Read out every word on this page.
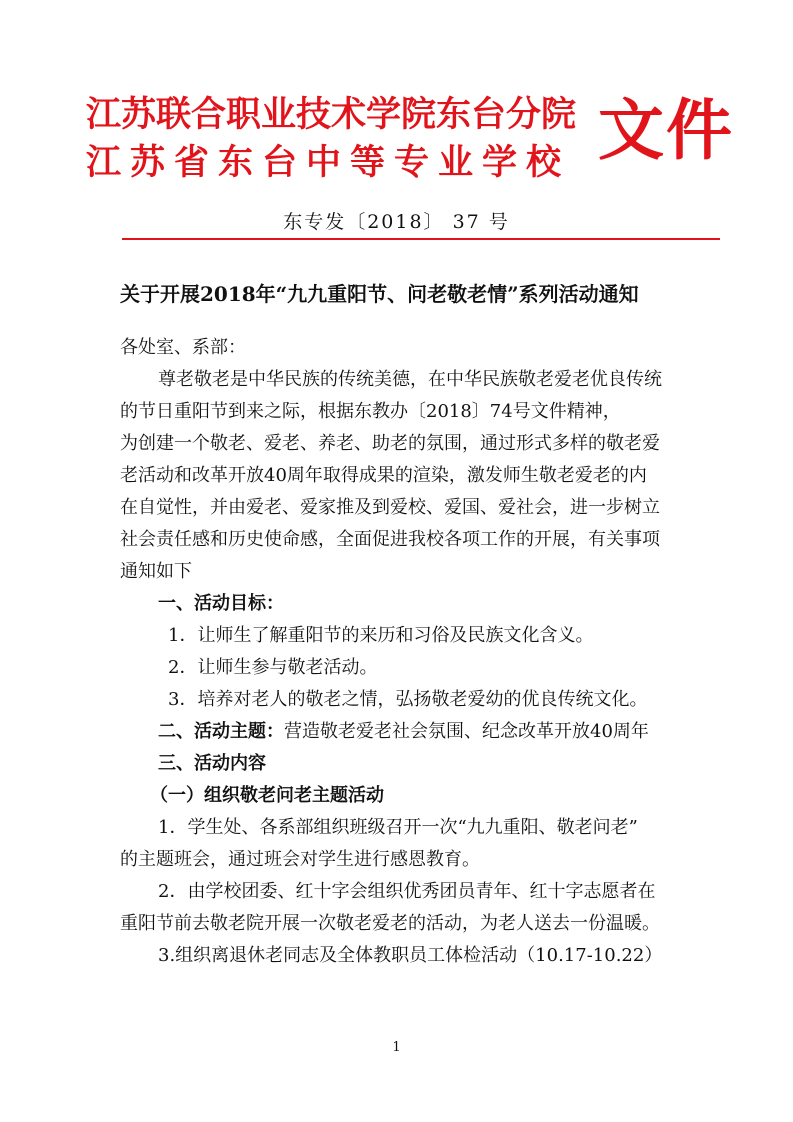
江苏联合职业技术学院东台分院
江苏省东台中等专业学校 文件
东专发〔2018〕 37 号
关于开展2018年“九九重阳节、问老敬老情”系列活动通知
各处室、系部：
尊老敬老是中华民族的传统美德，在中华民族敬老爱老优良传统
的节日重阳节到来之际，根据东教办〔2018〕74号文件精神，
为创建一个敬老、爱老、养老、助老的氛围，通过形式多样的敬老爱
老活动和改革开放40周年取得成果的渲染，激发师生敬老爱老的内
在自觉性，并由爱老、爱家推及到爱校、爱国、爱社会，进一步树立
社会责任感和历史使命感，全面促进我校各项工作的开展，有关事项
通知如下
一、活动目标：
1．让师生了解重阳节的来历和习俗及民族文化含义。
2．让师生参与敬老活动。
3．培养对老人的敬老之情，弘扬敬老爱幼的优良传统文化。
二、活动主题：营造敬老爱老社会氛围、纪念改革开放40周年
三、活动内容
（一）组织敬老问老主题活动
1．学生处、各系部组织班级召开一次“九九重阳、敬老问老”
的主题班会，通过班会对学生进行感恩教育。
2．由学校团委、红十字会组织优秀团员青年、红十字志愿者在
重阳节前去敬老院开展一次敬老爱老的活动，为老人送去一份温暖。
3.组织离退休老同志及全体教职员工体检活动（10.17-10.22）
1
